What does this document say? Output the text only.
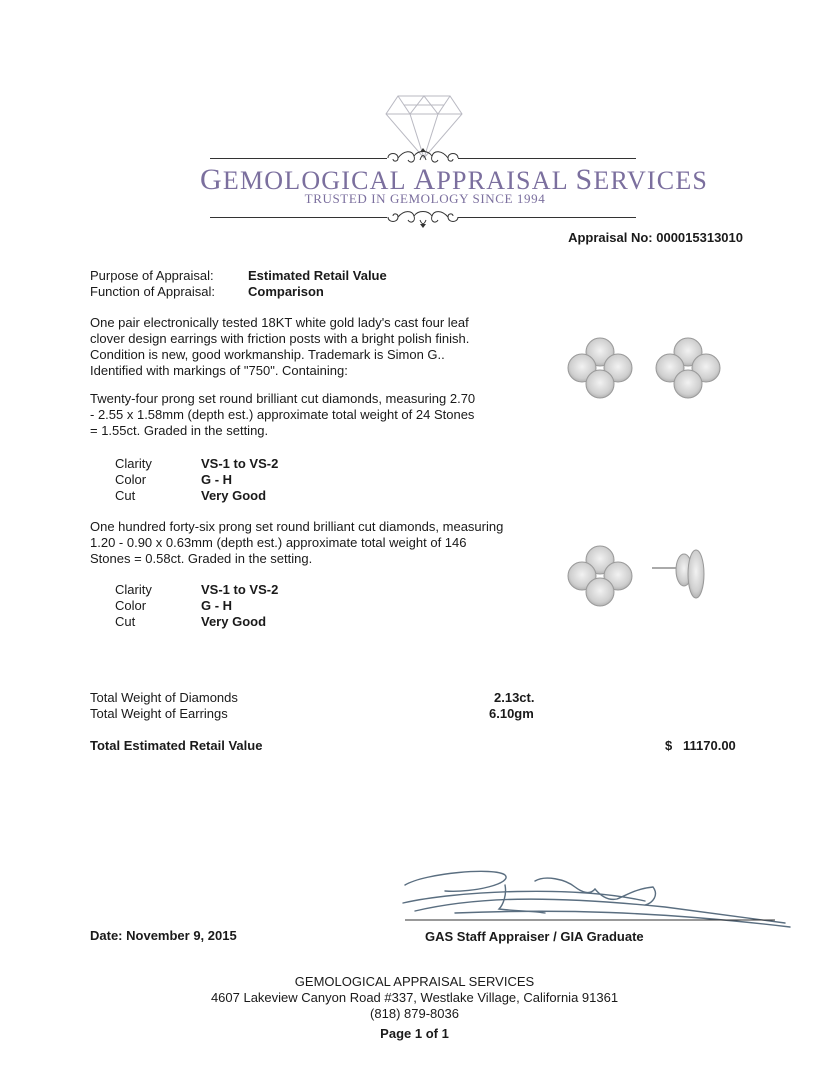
GEMOLOGICAL APPRAISAL SERVICES
TRUSTED IN GEMOLOGY SINCE 1994
Appraisal No: 000015313010
Purpose of Appraisal:	Estimated Retail Value
Function of Appraisal:	Comparison
One pair electronically tested 18KT white gold lady's cast four leaf
clover design earrings with friction posts with a bright polish finish.
Condition is new, good workmanship. Trademark is Simon G..
Identified with markings of "750". Containing:
Twenty-four prong set round brilliant cut diamonds, measuring 2.70
- 2.55 x 1.58mm (depth est.) approximate total weight of 24 Stones
= 1.55ct. Graded in the setting.
Clarity	VS-1 to VS-2
Color	G - H
Cut	Very Good
One hundred forty-six prong set round brilliant cut diamonds, measuring
1.20 - 0.90 x 0.63mm (depth est.) approximate total weight of 146
Stones = 0.58ct. Graded in the setting.
Clarity	VS-1 to VS-2
Color	G - H
Cut	Very Good
Total Weight of Diamonds	2.13ct.
Total Weight of Earrings	6.10gm
Total Estimated Retail Value	$ 11170.00
Date: November 9, 2015	GAS Staff Appraiser / GIA Graduate
GEMOLOGICAL APPRAISAL SERVICES
4607 Lakeview Canyon Road #337, Westlake Village, California 91361
(818) 879-8036
Page 1 of 1
